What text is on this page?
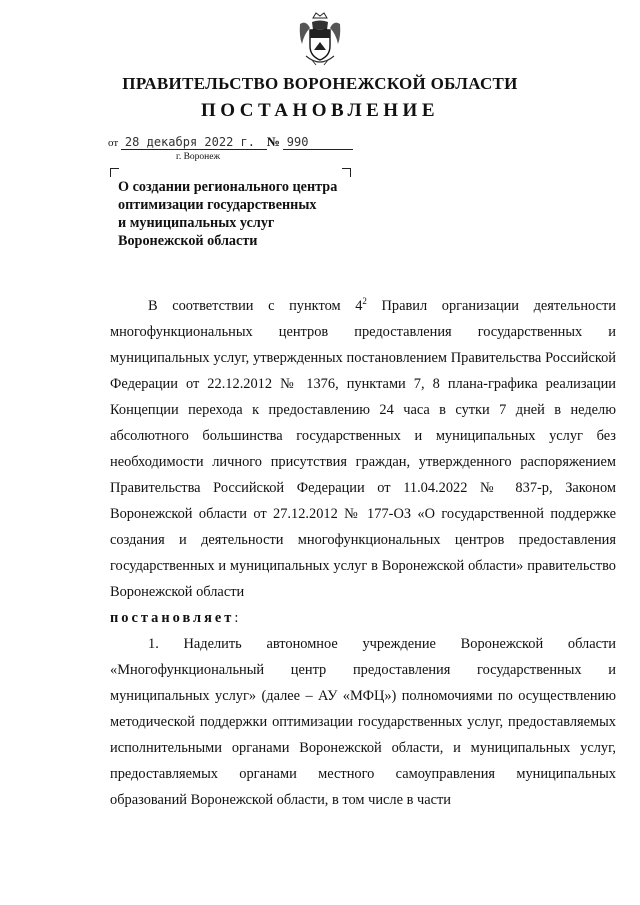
ПРАВИТЕЛЬСТВО ВОРОНЕЖСКОЙ ОБЛАСТИ
ПОСТАНОВЛЕНИЕ
от 28 декабря 2022 г. № 990
г. Воронеж
О создании регионального центра
оптимизации государственных
и муниципальных услуг
Воронежской области

В соответствии с пунктом $4^2$ Правил организации деятельности многофункциональных центров предоставления государственных и муниципальных услуг, утвержденных постановлением Правительства Российской Федерации от 22.12.2012 № 1376, пунктами 7, 8 плана-графика реализации Концепции перехода к предоставлению 24 часа в сутки 7 дней в неделю абсолютного большинства государственных и муниципальных услуг без необходимости личного присутствия граждан, утвержденного распоряжением Правительства Российской Федерации от 11.04.2022 № 837-р, Законом Воронежской области от 27.12.2012 № 177-ОЗ «О государственной поддержке создания и деятельности многофункциональных центров предоставления государственных и муниципальных услуг в Воронежской области» правительство Воронежской области

постановляет:

1. Наделить автономное учреждение Воронежской области «Многофункциональный центр предоставления государственных и муниципальных услуг» (далее – АУ «МФЦ») полномочиями по осуществлению методической поддержки оптимизации государственных услуг, предоставляемых исполнительными органами Воронежской области, и муниципальных услуг, предоставляемых органами местного самоуправления муниципальных образований Воронежской области, в том числе в части
